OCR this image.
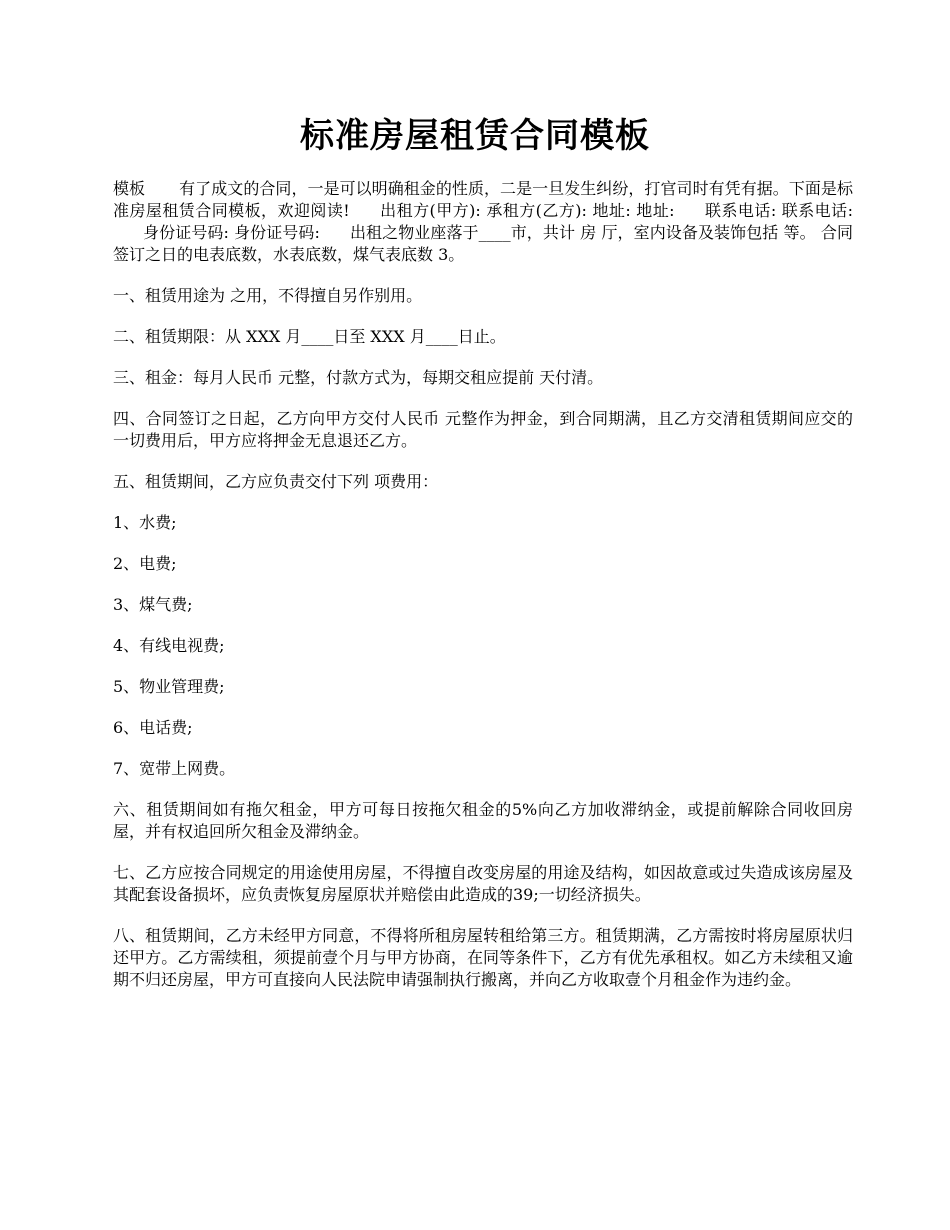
标准房屋租赁合同模板

模板 有了成文的合同，一是可以明确租金的性质，二是一旦发生纠纷，打官司时有凭有据。下面是标准房屋租赁合同模板，欢迎阅读! 出租方(甲方): 承租方(乙方): 地址: 地址: 联系电话: 联系电话:身份证号码: 身份证号码: 出租之物业座落于____市，共计 房 厅，室内设备及装饰包括 等。 合同签订之日的电表底数，水表底数，煤气表底数 3。

一、租赁用途为 之用，不得擅自另作别用。

二、租赁期限：从 XXX 月____日至 XXX 月____日止。

三、租金：每月人民币 元整，付款方式为，每期交租应提前 天付清。

四、合同签订之日起，乙方向甲方交付人民币 元整作为押金，到合同期满，且乙方交清租赁期间应交的一切费用后，甲方应将押金无息退还乙方。

五、租赁期间，乙方应负责交付下列 项费用：

1、水费;

2、电费;

3、煤气费;

4、有线电视费;

5、物业管理费;

6、电话费;

7、宽带上网费。

六、租赁期间如有拖欠租金，甲方可每日按拖欠租金的5%向乙方加收滞纳金，或提前解除合同收回房屋，并有权追回所欠租金及滞纳金。

七、乙方应按合同规定的用途使用房屋，不得擅自改变房屋的用途及结构，如因故意或过失造成该房屋及其配套设备损坏，应负责恢复房屋原状并赔偿由此造成的39;一切经济损失。

八、租赁期间，乙方未经甲方同意，不得将所租房屋转租给第三方。租赁期满，乙方需按时将房屋原状归还甲方。乙方需续租，须提前壹个月与甲方协商，在同等条件下，乙方有优先承租权。如乙方未续租又逾期不归还房屋，甲方可直接向人民法院申请强制执行搬离，并向乙方收取壹个月租金作为违约金。
